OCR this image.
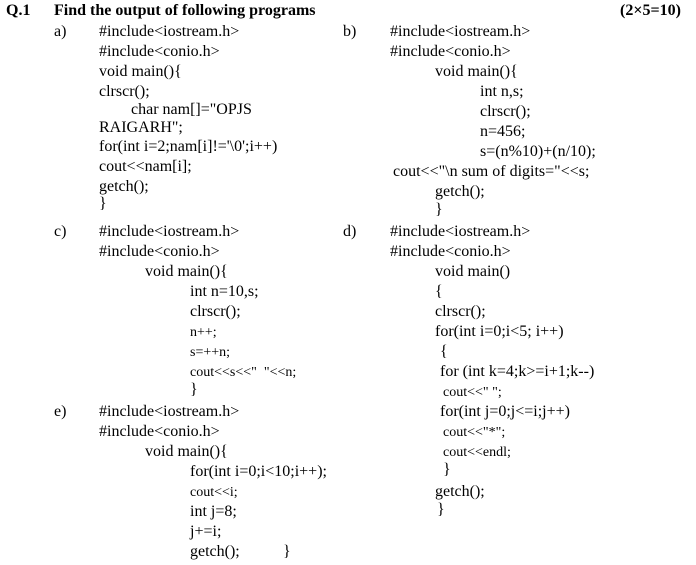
Q.1 Find the output of following programs	(2×5=10)
a) #include<iostream.h>
#include<conio.h>
void main(){
clrscr();
char nam[]="OPJS
RAIGARH";
for(int i=2;nam[i]!='\0';i++)
cout<<nam[i];
getch();
}
b) #include<iostream.h>
#include<conio.h>
void main(){
int n,s;
clrscr();
n=456;
s=(n%10)+(n/10);
cout<<"\n sum of digits="<<s;
getch();
}
c) #include<iostream.h>
#include<conio.h>
void main(){
int n=10,s;
clrscr();
n++;
s=++n;
cout<<s<<"  "<<n;
}
d) #include<iostream.h>
#include<conio.h>
void main()
{
clrscr();
for(int i=0;i<5; i++)
{
for (int k=4;k>=i+1;k--)
cout<<" ";
for(int j=0;j<=i;j++)
cout<<"*";
cout<<endl;
}
getch();
}
e) #include<iostream.h>
#include<conio.h>
void main(){
for(int i=0;i<10;i++);
cout<<i;
int j=8;
j+=i;
getch();	}
